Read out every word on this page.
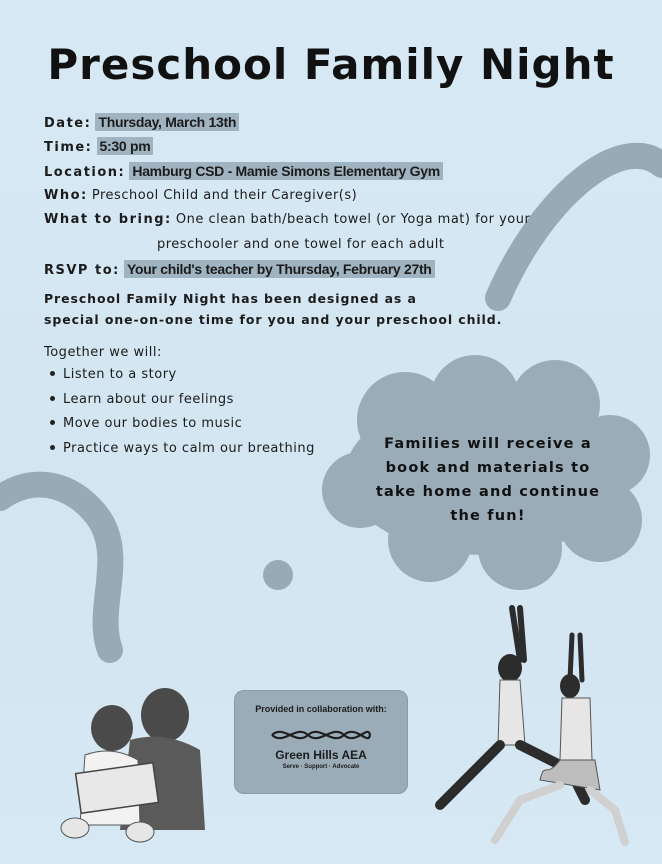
Preschool Family Night
Date: Thursday, March 13th
Time: 5:30 pm
Location: Hamburg CSD - Mamie Simons Elementary Gym
Who: Preschool Child and their Caregiver(s)
What to bring: One clean bath/beach towel (or Yoga mat) for your
preschooler and one towel for each adult
RSVP to: Your child's teacher by Thursday, February 27th
Preschool Family Night has been designed as a
special one-on-one time for you and your preschool child.
Together we will:
Listen to a story
Learn about our feelings
Move our bodies to music
Practice ways to calm our breathing	Families will receive a
book and materials to
take home and continue
the fun!
Provided in collaboration with:
Green Hills AEA
Serve · Support · Advocate
